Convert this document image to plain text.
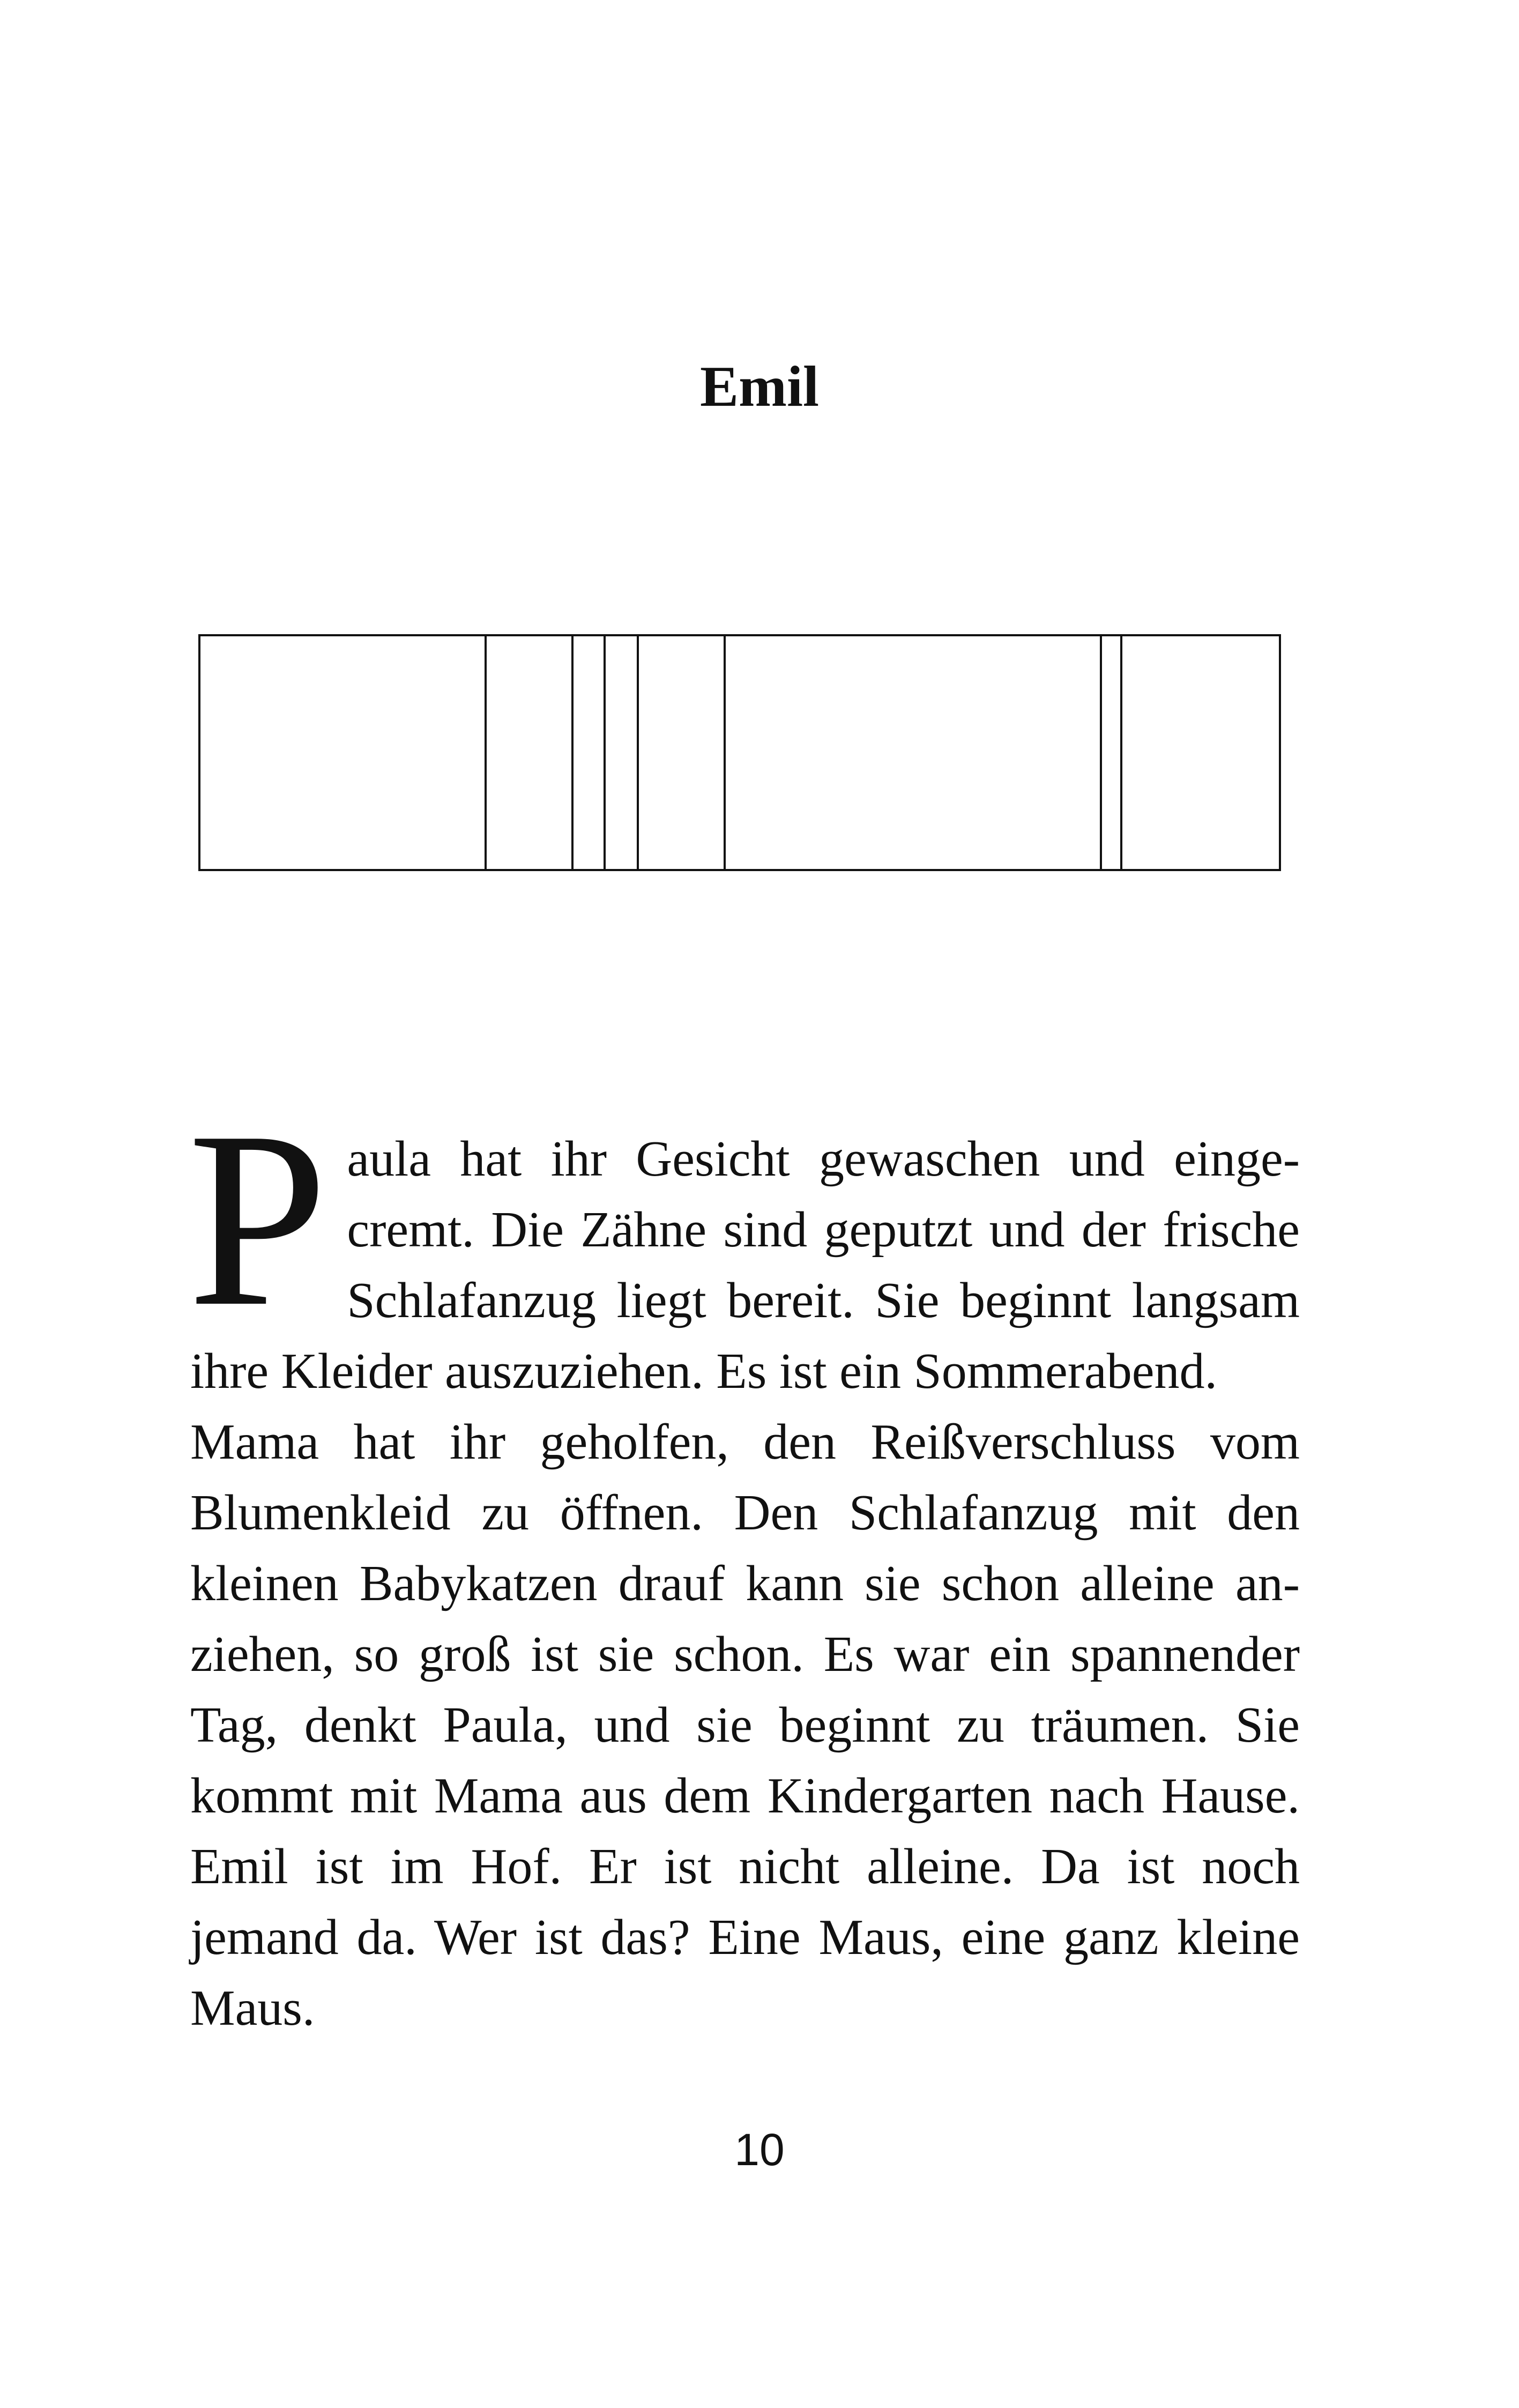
Emil

Paula hat ihr Gesicht gewaschen und eingecremt. Die Zähne sind geputzt und der frische Schlafanzug liegt bereit. Sie beginnt langsam ihre Kleider auszuziehen. Es ist ein Sommerabend.

Mama hat ihr geholfen, den Reißverschluss vom Blumenkleid zu öffnen. Den Schlafanzug mit den kleinen Babykatzen drauf kann sie schon alleine anziehen, so groß ist sie schon. Es war ein spannender Tag, denkt Paula, und sie beginnt zu träumen. Sie kommt mit Mama aus dem Kindergarten nach Hause. Emil ist im Hof. Er ist nicht alleine. Da ist noch jemand da. Wer ist das? Eine Maus, eine ganz kleine Maus.

10
